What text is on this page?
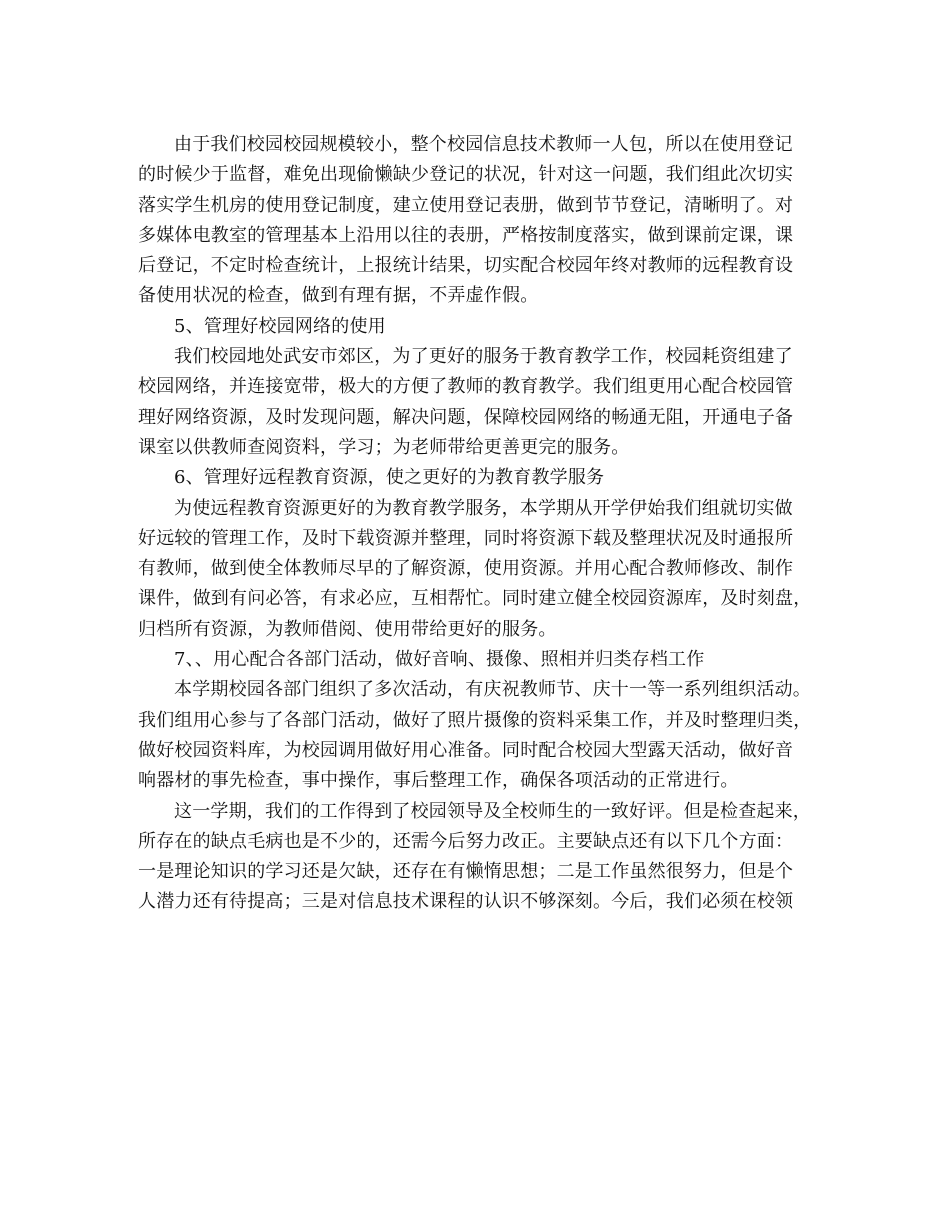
由于我们校园校园规模较小，整个校园信息技术教师一人包，所以在使用登记
的时候少于监督，难免出现偷懒缺少登记的状况，针对这一问题，我们组此次切实
落实学生机房的使用登记制度，建立使用登记表册，做到节节登记，清晰明了。对
多媒体电教室的管理基本上沿用以往的表册，严格按制度落实，做到课前定课，课
后登记，不定时检查统计，上报统计结果，切实配合校园年终对教师的远程教育设
备使用状况的检查，做到有理有据，不弄虚作假。
5、管理好校园网络的使用
我们校园地处武安市郊区，为了更好的服务于教育教学工作，校园耗资组建了
校园网络，并连接宽带，极大的方便了教师的教育教学。我们组更用心配合校园管
理好网络资源，及时发现问题，解决问题，保障校园网络的畅通无阻，开通电子备
课室以供教师查阅资料，学习；为老师带给更善更完的服务。
6、管理好远程教育资源，使之更好的为教育教学服务
为使远程教育资源更好的为教育教学服务，本学期从开学伊始我们组就切实做
好远较的管理工作，及时下载资源并整理，同时将资源下载及整理状况及时通报所
有教师，做到使全体教师尽早的了解资源，使用资源。并用心配合教师修改、制作
课件，做到有问必答，有求必应，互相帮忙。同时建立健全校园资源库，及时刻盘，
归档所有资源，为教师借阅、使用带给更好的服务。
7、、用心配合各部门活动，做好音响、摄像、照相并归类存档工作
本学期校园各部门组织了多次活动，有庆祝教师节、庆十一等一系列组织活动。
我们组用心参与了各部门活动，做好了照片摄像的资料采集工作，并及时整理归类，
做好校园资料库，为校园调用做好用心准备。同时配合校园大型露天活动，做好音
响器材的事先检查，事中操作，事后整理工作，确保各项活动的正常进行。
这一学期，我们的工作得到了校园领导及全校师生的一致好评。但是检查起来，
所存在的缺点毛病也是不少的，还需今后努力改正。主要缺点还有以下几个方面：
一是理论知识的学习还是欠缺，还存在有懒惰思想；二是工作虽然很努力，但是个
人潜力还有待提高；三是对信息技术课程的认识不够深刻。今后，我们必须在校领
